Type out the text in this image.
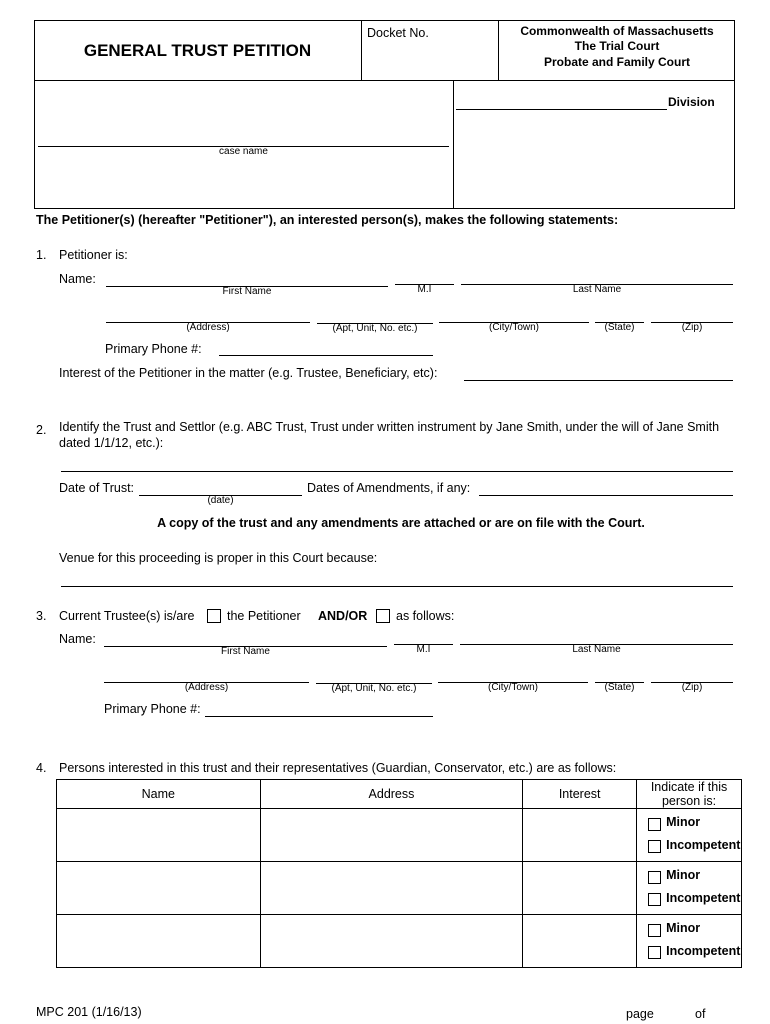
GENERAL TRUST PETITION
Docket No.	Commonwealth of Massachusetts
The Trial Court
Probate and Family Court
Division
case name
The Petitioner(s) (hereafter "Petitioner"), an interested person(s), makes the following statements:
1. Petitioner is:
Name:
First Name	M.I	Last Name
(Address)	(Apt, Unit, No. etc.)	(City/Town)	(State)	(Zip)
Primary Phone #:
Interest of the Petitioner in the matter (e.g. Trustee, Beneficiary, etc):
2. Identify the Trust and Settlor (e.g. ABC Trust, Trust under written instrument by Jane Smith, under the will of Jane Smith
dated 1/1/12, etc.):
Date of Trust:
(date)
Dates of Amendments, if any:
A copy of the trust and any amendments are attached or are on file with the Court.
Venue for this proceeding is proper in this Court because:
3. Current Trustee(s) is/are	the Petitioner AND/OR as follows:
Name:
First Name	M.I	Last Name
(Address)	(Apt, Unit, No. etc.)	(City/Town)	(State)	(Zip)
Primary Phone #:
4. Persons interested in this trust and their representatives (Guardian, Conservator, etc.) are as follows:
Name	Address	Interest	Indicate if this person is:

			Minor
Incompetent

			Minor
Incompetent

			Minor
Incompetent
MPC 201 (1/16/13)	page	of
